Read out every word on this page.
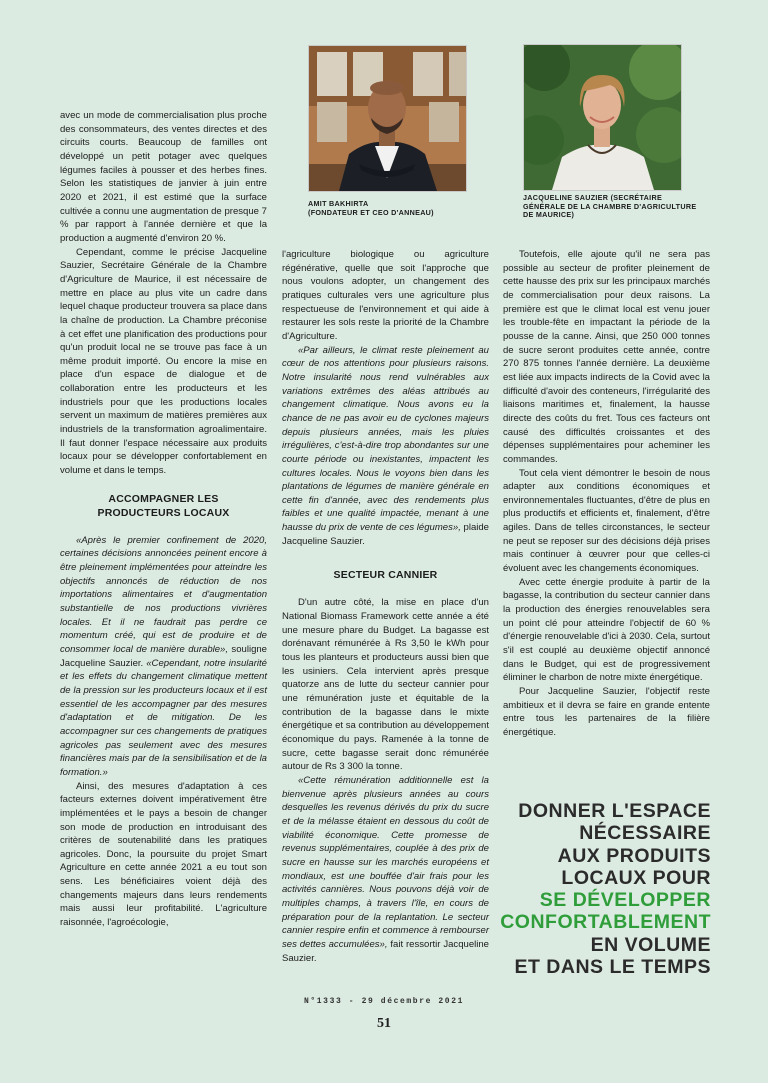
AMIT BAKHIRTA
(FONDATEUR ET CEO D'ANNEAU)
JACQUELINE SAUZIER (SECRÉTAIRE
GÉNÉRALE DE LA CHAMBRE D'AGRICULTURE
DE MAURICE)

avec un mode de commercialisation plus proche des consommateurs, des ventes directes et des circuits courts. Beaucoup de familles ont développé un petit potager avec quelques légumes faciles à pousser et des herbes fines. Selon les statistiques de janvier à juin entre 2020 et 2021, il est estimé que la surface cultivée a connu une augmentation de presque 7 % par rapport à l'année dernière et que la production a augmenté d'environ 20 %.

Cependant, comme le précise Jacqueline Sauzier, Secrétaire Générale de la Chambre d'Agriculture de Maurice, il est nécessaire de mettre en place au plus vite un cadre dans lequel chaque producteur trouvera sa place dans la chaîne de production. La Chambre préconise à cet effet une planification des productions pour qu'un produit local ne se trouve pas face à un même produit importé. Ou encore la mise en place d'un espace de dialogue et de collaboration entre les producteurs et les industriels pour que les productions locales servent un maximum de matières premières aux industriels de la transformation agroalimentaire. Il faut donner l'espace nécessaire aux produits locaux pour se développer confortablement en volume et dans le temps.

ACCOMPAGNER LES
PRODUCTEURS LOCAUX

«Après le premier confinement de 2020, certaines décisions annoncées peinent encore à être pleinement implémentées pour atteindre les objectifs annoncés de réduction de nos importations alimentaires et d'augmentation substantielle de nos productions vivrières locales. Et il ne faudrait pas perdre ce momentum créé, qui est de produire et de consommer local de manière durable», souligne Jacqueline Sauzier. «Cependant, notre insularité et les effets du changement climatique mettent de la pression sur les producteurs locaux et il est essentiel de les accompagner par des mesures d'adaptation et de mitigation. De les accompagner sur ces changements de pratiques agricoles pas seulement avec des mesures financières mais par de la sensibilisation et de la formation.»

Ainsi, des mesures d'adaptation à ces facteurs externes doivent impérativement être implémentées et le pays a besoin de changer son mode de production en introduisant des critères de soutenabilité dans les pratiques agricoles. Donc, la poursuite du projet Smart Agriculture en cette année 2021 a eu tout son sens. Les bénéficiaires voient déjà des changements majeurs dans leurs rendements mais aussi leur profitabilité. L'agriculture raisonnée, l'agroécologie,

l'agriculture biologique ou agriculture régénérative, quelle que soit l'approche que nous voulons adopter, un changement des pratiques culturales vers une agriculture plus respectueuse de l'environnement et qui aide à restaurer les sols reste la priorité de la Chambre d'Agriculture.

«Par ailleurs, le climat reste pleinement au cœur de nos attentions pour plusieurs raisons. Notre insularité nous rend vulnérables aux variations extrêmes des aléas attribués au changement climatique. Nous avons eu la chance de ne pas avoir eu de cyclones majeurs depuis plusieurs années, mais les pluies irrégulières, c'est-à-dire trop abondantes sur une courte période ou inexistantes, impactent les cultures locales. Nous le voyons bien dans les plantations de légumes de manière générale en cette fin d'année, avec des rendements plus faibles et une qualité impactée, menant à une hausse du prix de vente de ces légumes», plaide Jacqueline Sauzier.

SECTEUR CANNIER

D'un autre côté, la mise en place d'un National Biomass Framework cette année a été une mesure phare du Budget. La bagasse est dorénavant rémunérée à Rs 3,50 le kWh pour tous les planteurs et producteurs aussi bien que les usiniers. Cela intervient après presque quatorze ans de lutte du secteur cannier pour une rémunération juste et équitable de la contribution de la bagasse dans le mixte énergétique et sa contribution au développement économique du pays. Ramenée à la tonne de sucre, cette bagasse serait donc rémunérée autour de Rs 3 300 la tonne.

«Cette rémunération additionnelle est la bienvenue après plusieurs années au cours desquelles les revenus dérivés du prix du sucre et de la mélasse étaient en dessous du coût de viabilité économique. Cette promesse de revenus supplémentaires, couplée à des prix de sucre en hausse sur les marchés européens et mondiaux, est une bouffée d'air frais pour les activités cannières. Nous pouvons déjà voir de multiples champs, à travers l'île, en cours de préparation pour de la replantation. Le secteur cannier respire enfin et commence à rembourser ses dettes accumulées», fait ressortir Jacqueline Sauzier.

Toutefois, elle ajoute qu'il ne sera pas possible au secteur de profiter pleinement de cette hausse des prix sur les principaux marchés de commercialisation pour deux raisons. La première est que le climat local est venu jouer les trouble-fête en impactant la période de la pousse de la canne. Ainsi, que 250 000 tonnes de sucre seront produites cette année, contre 270 875 tonnes l'année dernière. La deuxième est liée aux impacts indirects de la Covid avec la difficulté d'avoir des conteneurs, l'irrégularité des liaisons maritimes et, finalement, la hausse directe des coûts du fret. Tous ces facteurs ont causé des difficultés croissantes et des dépenses supplémentaires pour acheminer les commandes.

Tout cela vient démontrer le besoin de nous adapter aux conditions économiques et environnementales fluctuantes, d'être de plus en plus productifs et efficients et, finalement, d'être agiles. Dans de telles circonstances, le secteur ne peut se reposer sur des décisions déjà prises mais continuer à œuvrer pour que celles-ci évoluent avec les changements économiques.

Avec cette énergie produite à partir de la bagasse, la contribution du secteur cannier dans la production des énergies renouvelables sera un point clé pour atteindre l'objectif de 60 % d'énergie renouvelable d'ici à 2030. Cela, surtout s'il est couplé au deuxième objectif annoncé dans le Budget, qui est de progressivement éliminer le charbon de notre mixte énergétique.

Pour Jacqueline Sauzier, l'objectif reste ambitieux et il devra se faire en grande entente entre tous les partenaires de la filière énergétique.

DONNER L'ESPACE
NÉCESSAIRE
AUX PRODUITS
LOCAUX POUR
SE DÉVELOPPER
CONFORTABLEMENT
EN VOLUME
ET DANS LE TEMPS
N°1333 - 29 décembre 2021
51
